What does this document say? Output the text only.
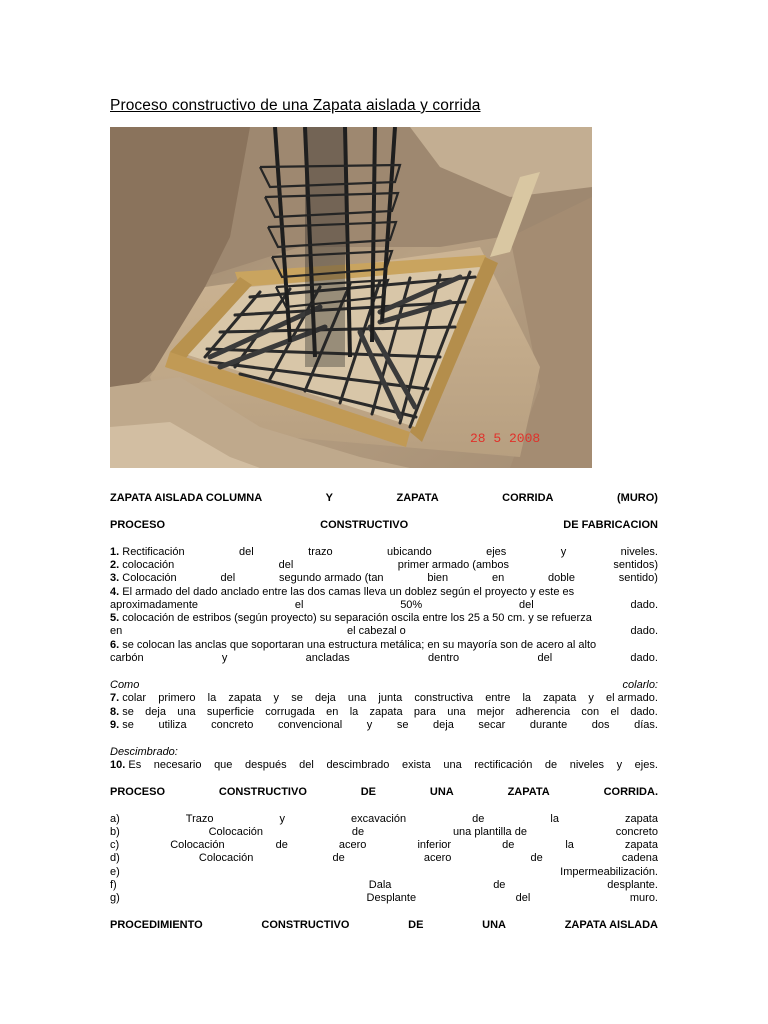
Proceso constructivo de una Zapata aislada y corrida
28 5 2008
ZAPATA AISLADA COLUMNA	Y	ZAPATA	CORRIDA	(MURO)
PROCESO	CONSTRUCTIVO	DE FABRICACION
1. Rectificación	del	trazo	ubicando	ejes	y	niveles.
2. colocación	del	primer armado (ambos	sentidos)
3. Colocación	del	segundo armado (tan	bien	en	doble	sentido)
4. El armado del dado anclado entre las dos camas lleva un doblez según el proyecto y este es
aproximadamente	el	50%	del	dado.
5. colocación de estribos (según proyecto) su separación oscila entre los 25 a 50 cm. y se refuerza
en	el cabezal o	dado.
6. se colocan las anclas que soportaran una estructura metálica; en su mayoría son de acero al alto
carbón	y	ancladas	dentro	del	dado.
Como	colarlo:
7. colar primero la zapata y se deja una junta constructiva entre la zapata y el armado.
8. se deja una superficie corrugada en la zapata para una mejor adherencia con el dado.
9. se utiliza concreto convencional y se deja secar durante dos días.
Descimbrado:
10. Es necesario que después del descimbrado exista una rectificación de niveles y ejes.
PROCESO	CONSTRUCTIVO	DE	UNA	ZAPATA	CORRIDA.
a)	Trazo	y	excavación	de	la	zapata
b)	Colocación	de	una plantilla de	concreto
c)	Colocación	de	acero	inferior	de	la	zapata
d)	Colocación	de	acero	de	cadena
e)	Impermeabilización.
f)	Dala	de	desplante.
g)	Desplante	del	muro.
PROCEDIMIENTO	CONSTRUCTIVO	DE	UNA	ZAPATA AISLADA
